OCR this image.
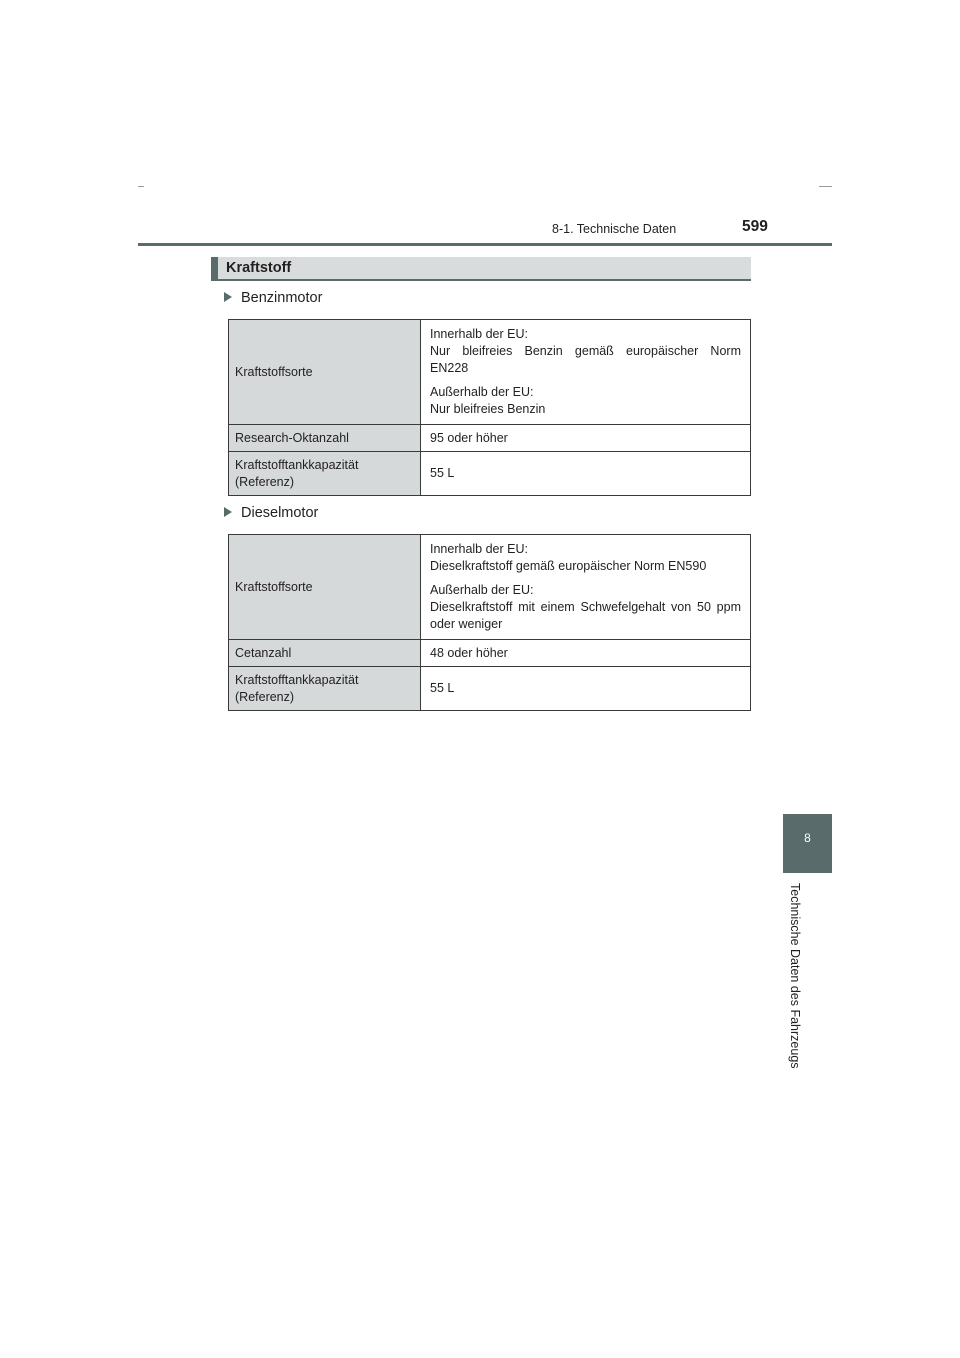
8-1. Technische Daten	599
Kraftstoff
Benzinmotor
Kraftstoffsorte	Innerhalb der EU:
Nur bleifreies Benzin gemäß europäischer Norm
EN228

Außerhalb der EU:
Nur bleifreies Benzin

Research-Oktanzahl	95 oder höher

Kraftstofftankkapazität
(Referenz)	55 L
Dieselmotor
Kraftstoffsorte	Innerhalb der EU:
Dieselkraftstoff gemäß europäischer Norm EN590

Außerhalb der EU:
Dieselkraftstoff mit einem Schwefelgehalt von 50 ppm
oder weniger

Cetanzahl	48 oder höher

Kraftstofftankkapazität
(Referenz)	55 L
8
Technische Daten des Fahrzeugs
